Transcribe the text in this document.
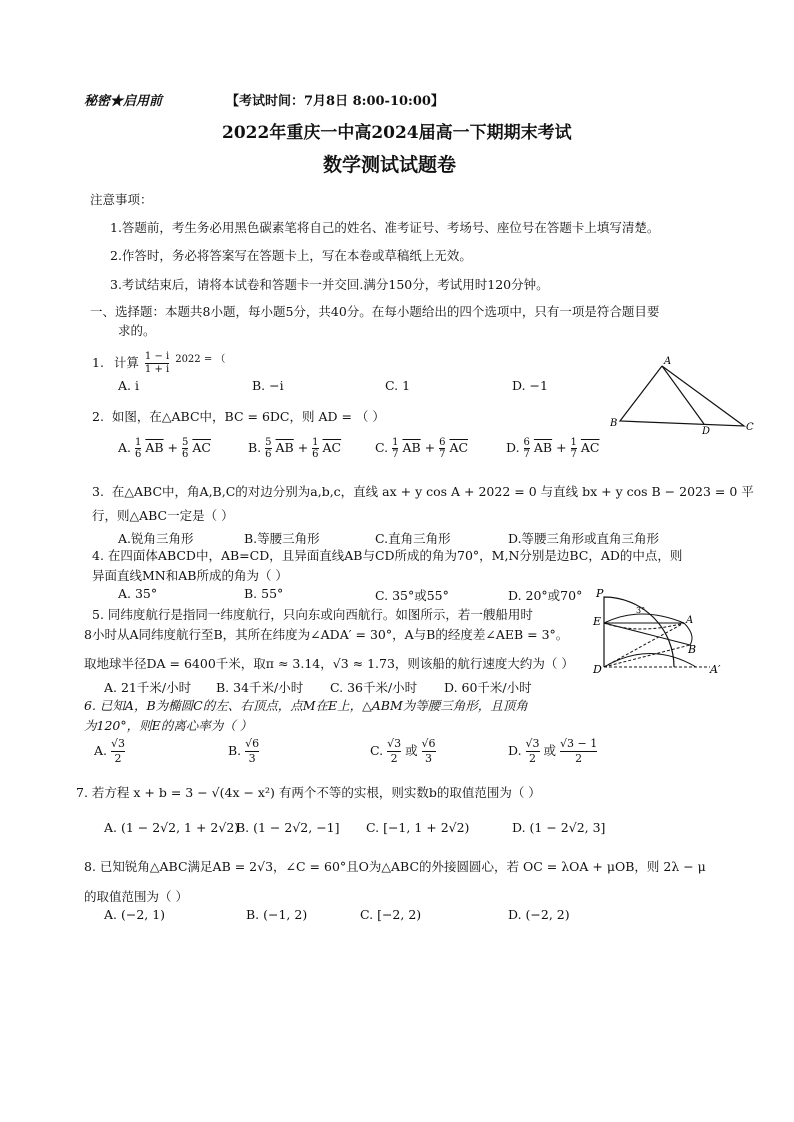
秘密★启用前	【考试时间：7月8日 8:00-10:00】
2022年重庆一中高2024届高一下期期末考试
数学测试试题卷
注意事项：
1.答题前，考生务必用黑色碳素笔将自己的姓名、准考证号、考场号、座位号在答题卡上填写清楚。
2.作答时，务必将答案写在答题卡上，写在本卷或草稿纸上无效。
3.考试结束后，请将本试卷和答题卡一并交回.满分150分，考试用时120分钟。
一、选择题：本题共8小题，每小题5分，共40分。在每小题给出的四个选项中，只有一项是符合题目要
求的。
1. 计算 $\frac{1 - i}{1 + i} ^{2022 = (}$
A. i	B. −i	C. 1	D. −1
2. 如图，在△ABC中，BC = 6DC，则 AD = （ ）
A. $\frac{1}{6} \overline{AB} + \frac{5}{6} \overline{AC}$	B. $\frac{5}{6} \overline{AB} + \frac{1}{6} \overline{AC}$	C. $\frac{1}{7} \overline{AB} + \frac{6}{7} \overline{AC}$	D. $\frac{6}{7} \overline{AB} + \frac{1}{7} \overline{AC}$
A
B
D	C
3. 在△ABC中，角A,B,C的对边分别为a,b,c，直线 ax + y cos A + 2022 = 0 与直线 bx + y cos B − 2023 = 0 平
行，则△ABC一定是（ ）
A.锐角三角形	B.等腰三角形	C.直角三角形	D.等腰三角形或直角三角形
4. 在四面体ABCD中，AB=CD，且异面直线AB与CD所成的角为70°，M,N分别是边BC，AD的中点，则
异面直线MN和AB所成的角为（ ）
A. 35°	B. 55°	C. 35°或55°	D. 20°或70° P
E	A
B
D	A′
3°
5. 同纬度航行是指同一纬度航行，只向东或向西航行。如图所示，若一艘船用时
8小时从A同纬度航行至B，其所在纬度为∠ADA′ = 30°，A与B的经度差∠AEB = 3°。
取地球半径DA = 6400千米，取π ≈ 3.14，√3 ≈ 1.73，则该船的航行速度大约为（ ）
A. 21千米/小时 B. 34千米/小时 C. 36千米/小时 D. 60千米/小时
6. 已知A，B为椭圆C的左、右顶点，点M在E上，△ABM为等腰三角形，且顶角
为120°，则E的离心率为（ ）
A. $\frac{√3}{2}$	B. $\frac{√6}{3}$	C. $\frac{√3}{2}$ 或 $\frac{√6}{3}$	D. $\frac{√3}{2}$ 或 $\frac{√3 - 1}{2}$
7. 若方程 x + b = 3 − √(4x − x²) 有两个不等的实根，则实数b的取值范围为（ ）
A. (1 − 2√2, 1 + 2√2)
B. (1 − 2√2, −1] C. [−1, 1 + 2√2)	D. (1 − 2√2, 3]
8. 已知锐角△ABC满足AB = 2√3，∠C = 60°且O为△ABC的外接圆圆心，若 OC = λOA + μOB，则 2λ − μ
的取值范围为（ ）
A. (−2, 1)	B. (−1, 2)	C. [−2, 2)	D. (−2, 2)
